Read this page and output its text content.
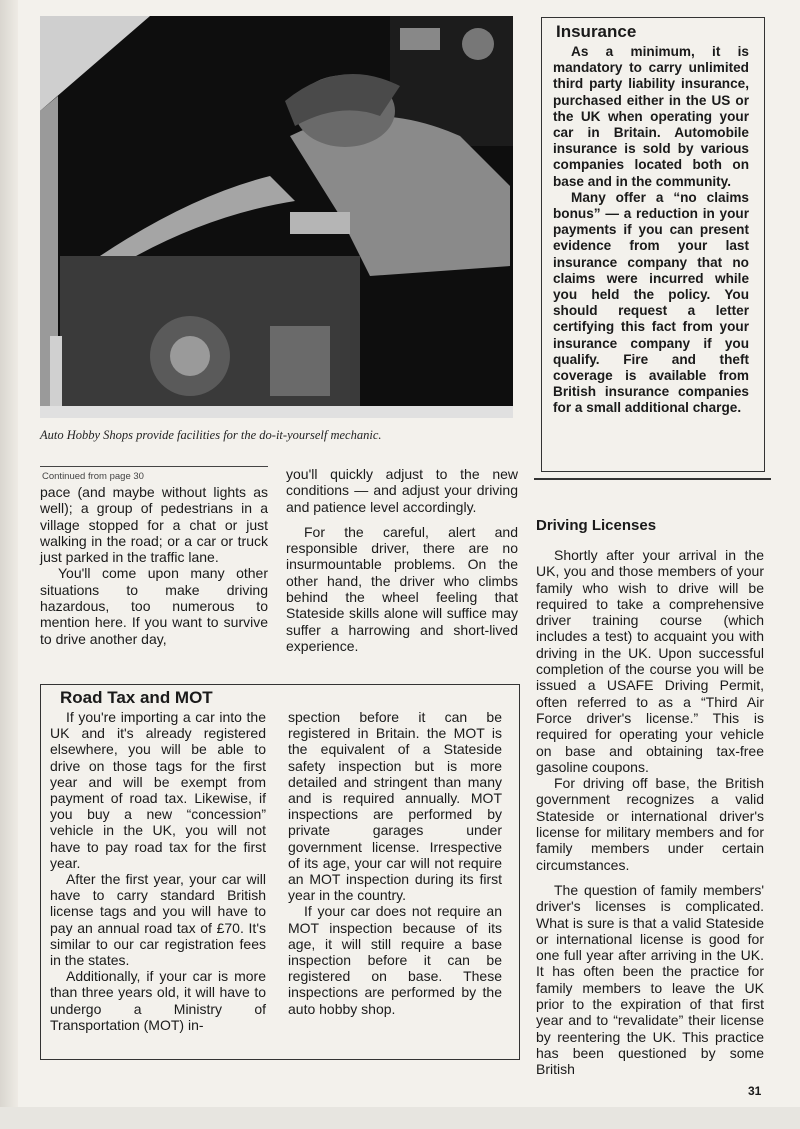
Auto Hobby Shops provide facilities for the do-it-yourself mechanic.
Insurance

As a minimum, it is mandatory to carry unlimited third party liability insurance, purchased either in the US or the UK when operating your car in Britain. Automobile insurance is sold by various companies located both on base and in the community.

Many offer a “no claims bonus” — a reduction in your payments if you can present evidence from your last insurance company that no claims were incurred while you held the policy. You should request a letter certifying this fact from your insurance company if you qualify. Fire and theft coverage is available from British insurance companies for a small additional charge.

Continued from page 30

pace (and maybe without lights as well); a group of pedestrians in a village stopped for a chat or just walking in the road; or a car or truck just parked in the traffic lane.

You'll come upon many other situations to make driving hazardous, too numerous to mention here. If you want to survive to drive another day,

you'll quickly adjust to the new conditions — and adjust your driving and patience level accordingly.

For the careful, alert and responsible driver, there are no insurmountable problems. On the other hand, the driver who climbs behind the wheel feeling that Stateside skills alone will suffice may suffer a harrowing and short-lived experience.

Road Tax and MOT

If you're importing a car into the UK and it's already registered elsewhere, you will be able to drive on those tags for the first year and will be exempt from payment of road tax. Likewise, if you buy a new “concession” vehicle in the UK, you will not have to pay road tax for the first year.

After the first year, your car will have to carry standard British license tags and you will have to pay an annual road tax of £70. It's similar to our car registration fees in the states.

Additionally, if your car is more than three years old, it will have to undergo a Ministry of Transportation (MOT) in-

spection before it can be registered in Britain. the MOT is the equivalent of a Stateside safety inspection but is more detailed and stringent than many and is required annually. MOT inspections are performed by private garages under government license. Irrespective of its age, your car will not require an MOT inspection during its first year in the country.

If your car does not require an MOT inspection because of its age, it will still require a base inspection before it can be registered on base. These inspections are performed by the auto hobby shop.

Driving Licenses

Shortly after your arrival in the UK, you and those members of your family who wish to drive will be required to take a comprehensive driver training course (which includes a test) to acquaint you with driving in the UK. Upon successful completion of the course you will be issued a USAFE Driving Permit, often referred to as a “Third Air Force driver's license.” This is required for operating your vehicle on base and obtaining tax-free gasoline coupons.

For driving off base, the British government recognizes a valid Stateside or international driver's license for military members and for family members under certain circumstances.

The question of family members' driver's licenses is complicated. What is sure is that a valid Stateside or international license is good for one full year after arriving in the UK. It has often been the practice for family members to leave the UK prior to the expiration of that first year and to “revalidate” their license by reentering the UK. This practice has been questioned by some British

31
